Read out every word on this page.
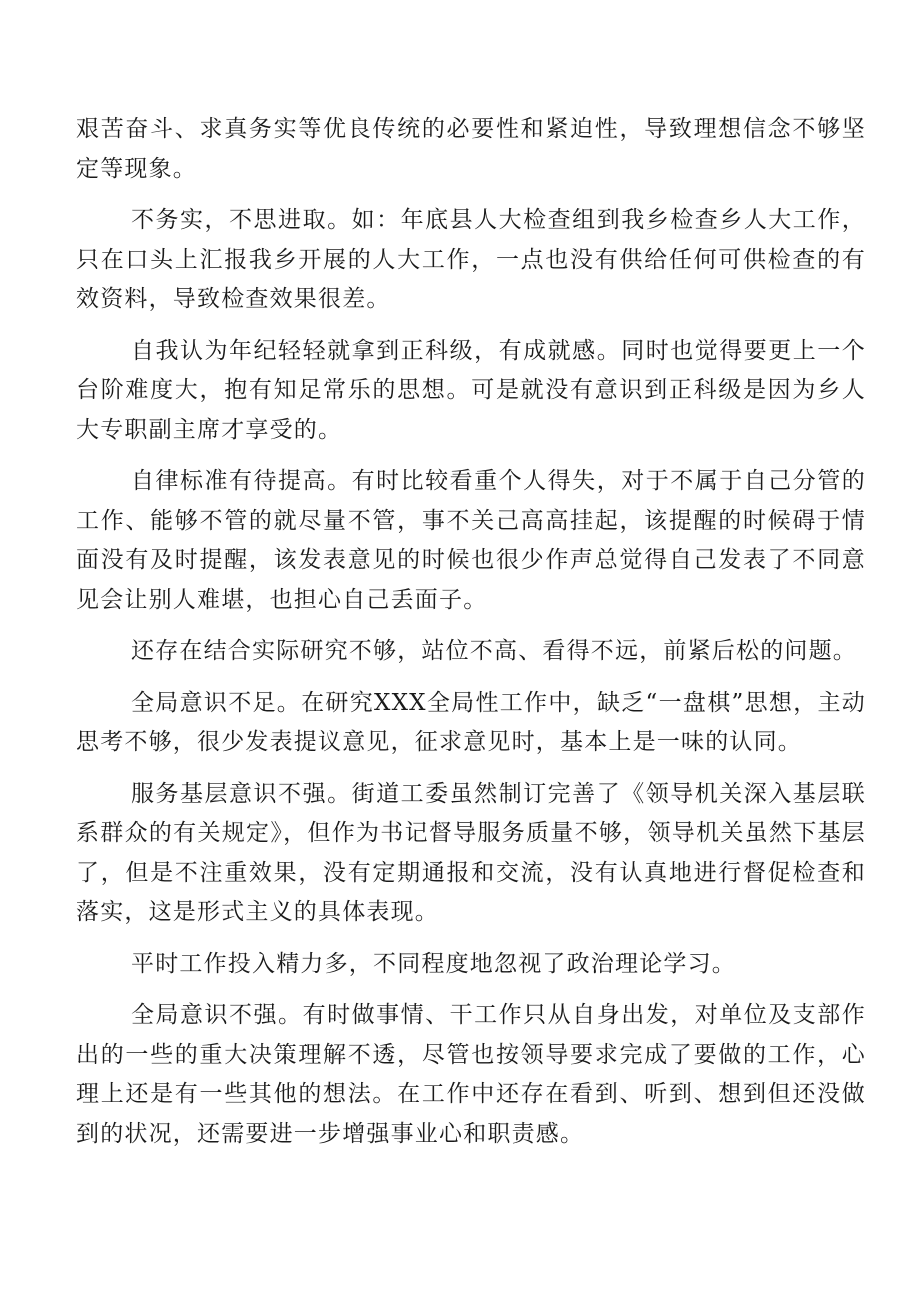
艰苦奋斗、求真务实等优良传统的必要性和紧迫性，导致理想信念不够坚定等现象。

不务实，不思进取。如：年底县人大检查组到我乡检查乡人大工作，只在口头上汇报我乡开展的人大工作，一点也没有供给任何可供检查的有效资料，导致检查效果很差。

自我认为年纪轻轻就拿到正科级，有成就感。同时也觉得要更上一个台阶难度大，抱有知足常乐的思想。可是就没有意识到正科级是因为乡人大专职副主席才享受的。

自律标准有待提高。有时比较看重个人得失，对于不属于自己分管的工作、能够不管的就尽量不管，事不关己高高挂起，该提醒的时候碍于情面没有及时提醒，该发表意见的时候也很少作声总觉得自己发表了不同意见会让别人难堪，也担心自己丢面子。

还存在结合实际研究不够，站位不高、看得不远，前紧后松的问题。

全局意识不足。在研究XXX全局性工作中，缺乏“一盘棋”思想，主动思考不够，很少发表提议意见，征求意见时，基本上是一味的认同。

服务基层意识不强。街道工委虽然制订完善了《领导机关深入基层联系群众的有关规定》，但作为书记督导服务质量不够，领导机关虽然下基层了，但是不注重效果，没有定期通报和交流，没有认真地进行督促检查和落实，这是形式主义的具体表现。

平时工作投入精力多，不同程度地忽视了政治理论学习。

全局意识不强。有时做事情、干工作只从自身出发，对单位及支部作出的一些的重大决策理解不透，尽管也按领导要求完成了要做的工作，心理上还是有一些其他的想法。在工作中还存在看到、听到、想到但还没做到的状况，还需要进一步增强事业心和职责感。
